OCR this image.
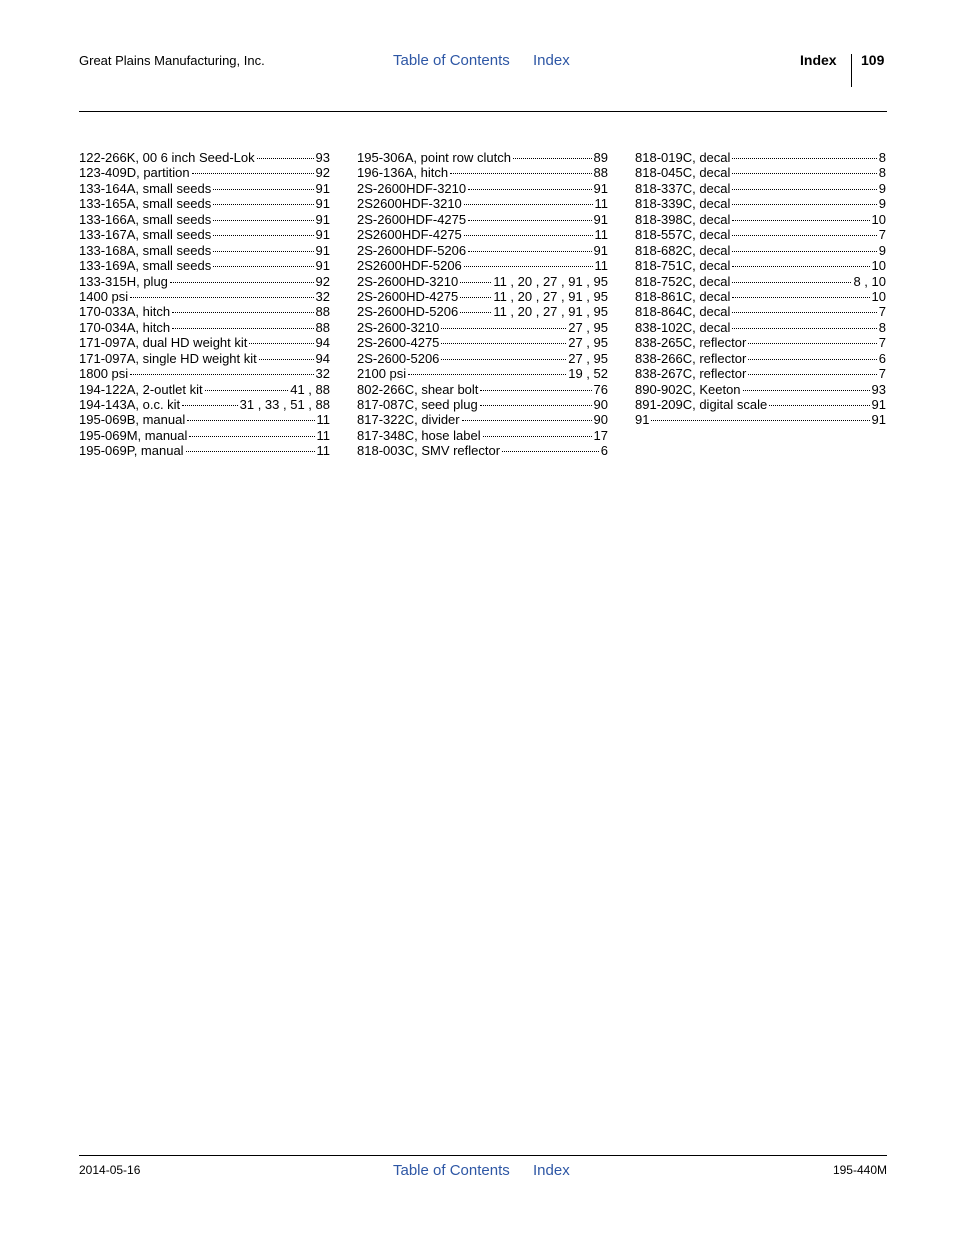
Great Plains Manufacturing, Inc.	Table of Contents Index	Index 109
122-266K, 00 6 inch Seed-Lok	93
123-409D, partition	92
133-164A, small seeds	91
133-165A, small seeds	91
133-166A, small seeds	91
133-167A, small seeds	91
133-168A, small seeds	91
133-169A, small seeds	91
133-315H, plug	92
1400 psi	32
170-033A, hitch	88
170-034A, hitch	88
171-097A, dual HD weight kit	94
171-097A, single HD weight kit	94
1800 psi	32
194-122A, 2-outlet kit	41 , 88
194-143A, o.c. kit	31 , 33 , 51 , 88
195-069B, manual	11
195-069M, manual	11
195-069P, manual	11
195-306A, point row clutch	89
196-136A, hitch	88
2S-2600HDF-3210	91
2S2600HDF-3210	11
2S-2600HDF-4275	91
2S2600HDF-4275	11
2S-2600HDF-5206	91
2S2600HDF-5206	11
2S-2600HD-3210	11 , 20 , 27 , 91 , 95
2S-2600HD-4275	11 , 20 , 27 , 91 , 95
2S-2600HD-5206	11 , 20 , 27 , 91 , 95
2S-2600-3210	27 , 95
2S-2600-4275	27 , 95
2S-2600-5206	27 , 95
2100 psi	19 , 52
802-266C, shear bolt	76
817-087C, seed plug	90
817-322C, divider	90
817-348C, hose label	17
818-003C, SMV reflector	6
818-019C, decal	8
818-045C, decal	8
818-337C, decal	9
818-339C, decal	9
818-398C, decal	10
818-557C, decal	7
818-682C, decal	9
818-751C, decal	10
818-752C, decal	8 , 10
818-861C, decal	10
818-864C, decal	7
838-102C, decal	8
838-265C, reflector	7
838-266C, reflector	6
838-267C, reflector	7
890-902C, Keeton	93
891-209C, digital scale	91
91	91
2014-05-16	Table of Contents Index	195-440M
